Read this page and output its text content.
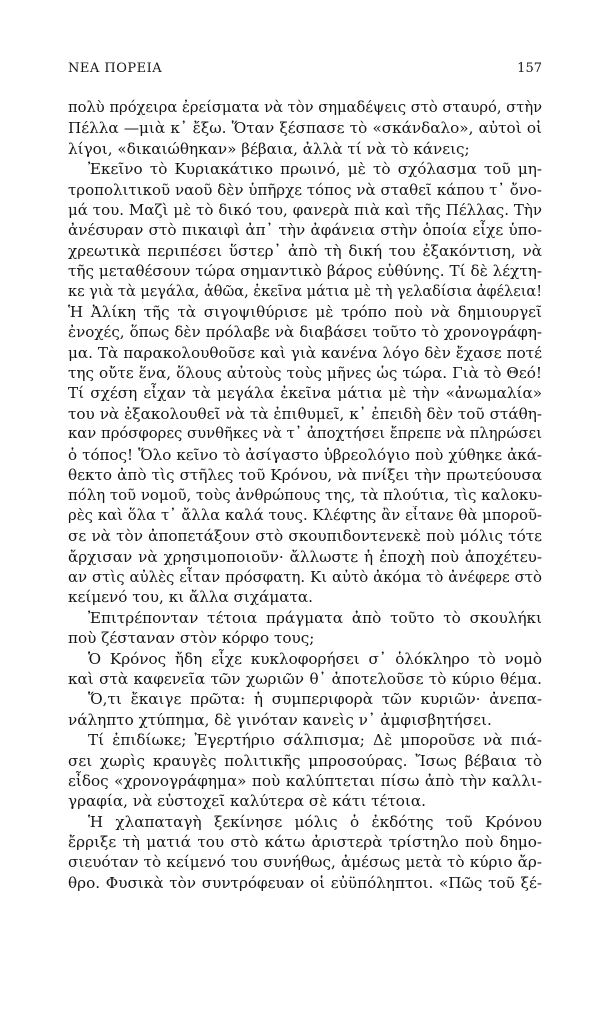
ΝΕΑ ΠΟΡΕΙΑ	157
πολὺ πρόχειρα ἐρείσματα νὰ τὸν σημαδέψεις στὸ σταυρό, στὴν
Πέλλα —μιὰ κ᾽ ἔξω. Ὅταν ξέσπασε τὸ «σκάνδαλο», αὐτοὶ οἱ
λίγοι, «δικαιώθηκαν» βέβαια, ἀλλὰ τί νὰ τὸ κάνεις;
Ἐκεῖνο τὸ Κυριακάτικο πρωινό, μὲ τὸ σχόλασμα τοῦ μη-
τροπολιτικοῦ ναοῦ δὲν ὑπῆρχε τόπος νὰ σταθεῖ κάπου τ᾽ ὄνο-
μά του. Μαζὶ μὲ τὸ δικό του, φανερὰ πιὰ καὶ τῆς Πέλλας. Τὴν
ἀνέσυραν στὸ πικαιφὶ ἀπ᾽ τὴν ἀφάνεια στὴν ὁποία εἶχε ὑπο-
χρεωτικὰ περιπέσει ὕστερ᾽ ἀπὸ τὴ δική του ἐξακόντιση, νὰ
τῆς μεταθέσουν τώρα σημαντικὸ βάρος εὐθύνης. Τί δὲ λέχτη-
κε γιὰ τὰ μεγάλα, ἀθῶα, ἐκεῖνα μάτια μὲ τὴ γελαδίσια ἀφέλεια!
Ἡ Ἀλίκη τῆς τὰ σιγοψιθύρισε μὲ τρόπο ποὺ νὰ δημιουργεῖ
ἐνοχές, ὅπως δὲν πρόλαβε νὰ διαβάσει τοῦτο τὸ χρονογράφη-
μα. Τὰ παρακολουθοῦσε καὶ γιὰ κανένα λόγο δὲν ἔχασε ποτέ
της οὔτε ἕνα, ὅλους αὐτοὺς τοὺς μῆνες ὡς τώρα. Γιὰ τὸ Θεό!
Τί σχέση εἶχαν τὰ μεγάλα ἐκεῖνα μάτια μὲ τὴν «ἀνωμαλία»
του νὰ ἐξακολουθεῖ νὰ τὰ ἐπιθυμεῖ, κ᾽ ἐπειδὴ δὲν τοῦ στάθη-
καν πρόσφορες συνθῆκες νὰ τ᾽ ἀποχτήσει ἔπρεπε νὰ πληρώσει
ὁ τόπος! Ὅλο κεῖνο τὸ ἀσίγαστο ὑβρεολόγιο ποὺ χύθηκε ἀκά-
θεκτο ἀπὸ τὶς στῆλες τοῦ Κρόνου, νὰ πνίξει τὴν πρωτεύουσα
πόλη τοῦ νομοῦ, τοὺς ἀνθρώπους της, τὰ πλούτια, τὶς καλοκυ-
ρὲς καὶ ὅλα τ᾽ ἄλλα καλά τους. Κλέφτης ἂν εἶτανε θὰ μποροῦ-
σε νὰ τὸν ἀποπετάξουν στὸ σκουπιδοντενεκὲ ποὺ μόλις τότε
ἄρχισαν νὰ χρησιμοποιοῦν· ἄλλωστε ἡ ἐποχὴ ποὺ ἀποχέτευ-
αν στὶς αὐλὲς εἶταν πρόσφατη. Κι αὐτὸ ἀκόμα τὸ ἀνέφερε στὸ
κείμενό του, κι ἄλλα σιχάματα.
Ἐπιτρέπονταν τέτοια πράγματα ἀπὸ τοῦτο τὸ σκουλήκι
ποὺ ζέσταναν στὸν κόρφο τους;
Ὁ Κρόνος ἤδη εἶχε κυκλοφορήσει σ᾽ ὁλόκληρο τὸ νομὸ
καὶ στὰ καφενεῖα τῶν χωριῶν θ᾽ ἀποτελοῦσε τὸ κύριο θέμα.
Ὅ,τι ἔκαιγε πρῶτα: ἡ συμπεριφορὰ τῶν κυριῶν· ἀνεπα-
νάληπτο χτύπημα, δὲ γινόταν κανεὶς ν᾽ ἀμφισβητήσει.
Τί ἐπιδίωκε; Ἐγερτήριο σάλπισμα; Δὲ μποροῦσε νὰ πιά-
σει χωρὶς κραυγὲς πολιτικῆς μπροσούρας. Ἴσως βέβαια τὸ
εἶδος «χρονογράφημα» ποὺ καλύπτεται πίσω ἀπὸ τὴν καλλι-
γραφία, νὰ εὐστοχεῖ καλύτερα σὲ κάτι τέτοια.
Ἡ χλαπαταγὴ ξεκίνησε μόλις ὁ ἐκδότης τοῦ Κρόνου
ἔρριξε τὴ ματιά του στὸ κάτω ἀριστερὰ τρίστηλο ποὺ δημο-
σιευόταν τὸ κείμενό του συνήθως, ἀμέσως μετὰ τὸ κύριο ἄρ-
θρο. Φυσικὰ τὸν συντρόφευαν οἱ εὐϋπόληπτοι. «Πῶς τοῦ ξέ-
